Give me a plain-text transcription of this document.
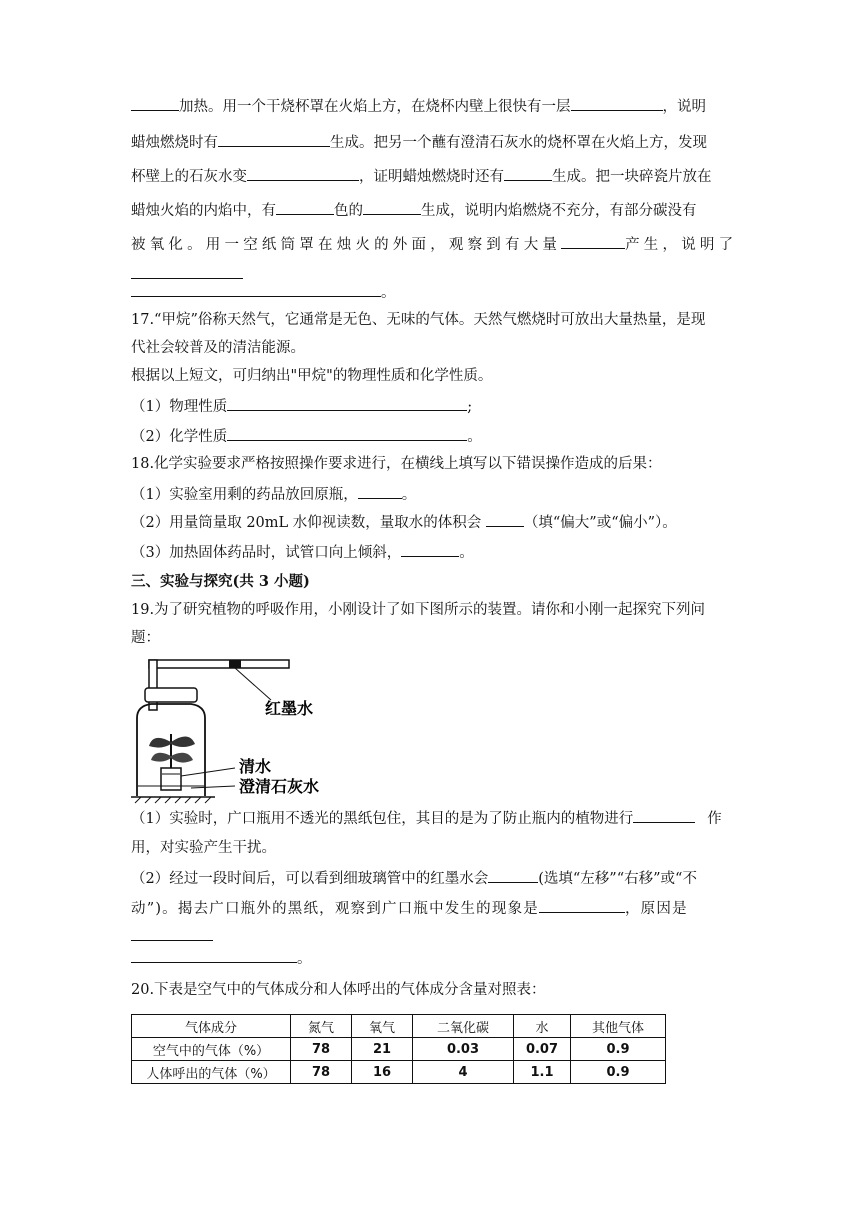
加热。用一个干烧杯罩在火焰上方，在烧杯内壁上很快有一层	，说明
蜡烛燃烧时有	生成。把另一个蘸有澄清石灰水的烧杯罩在火焰上方，发现
杯壁上的石灰水变	，证明蜡烛燃烧时还有	生成。把一块碎瓷片放在
蜡烛火焰的内焰中，有	色的	生成，说明内焰燃烧不充分，有部分碳没有
被氧化。用一空纸筒罩在烛火的外面，观察到有大量	产生，说明了
。
17.“甲烷”俗称天然气，它通常是无色、无味的气体。天然气燃烧时可放出大量热量，是现
代社会较普及的清洁能源。
根据以上短文，可归纳出"甲烷"的物理性质和化学性质。
（1）物理性质	;
（2）化学性质	。
18.化学实验要求严格按照操作要求进行，在横线上填写以下错误操作造成的后果：
（1）实验室用剩的药品放回原瓶，	。
（2）用量筒量取 20mL 水仰视读数，量取水的体积会	（填“偏大”或“偏小”）。
（3）加热固体药品时，试管口向上倾斜，	。
三、实验与探究(共 3 小题)
19.为了研究植物的呼吸作用，小刚设计了如下图所示的装置。请你和小刚一起探究下列问
题：
红墨水
清水
澄清石灰水
（1）实验时，广口瓶用不透光的黑纸包住，其目的是为了防止瓶内的植物进行	作
用，对实验产生干扰。
（2）经过一段时间后，可以看到细玻璃管中的红墨水会	(选填“左移”“右移”或“不
动”)。揭去广口瓶外的黑纸，观察到广口瓶中发生的现象是	，原因是
。
20.下表是空气中的气体成分和人体呼出的气体成分含量对照表：
气体成分	氮气	氧气	二氧化碳	水	其他气体
空气中的气体（%）	78	21	0.03	0.07	0.9
人体呼出的气体（%）	78	16	4	1.1	0.9
